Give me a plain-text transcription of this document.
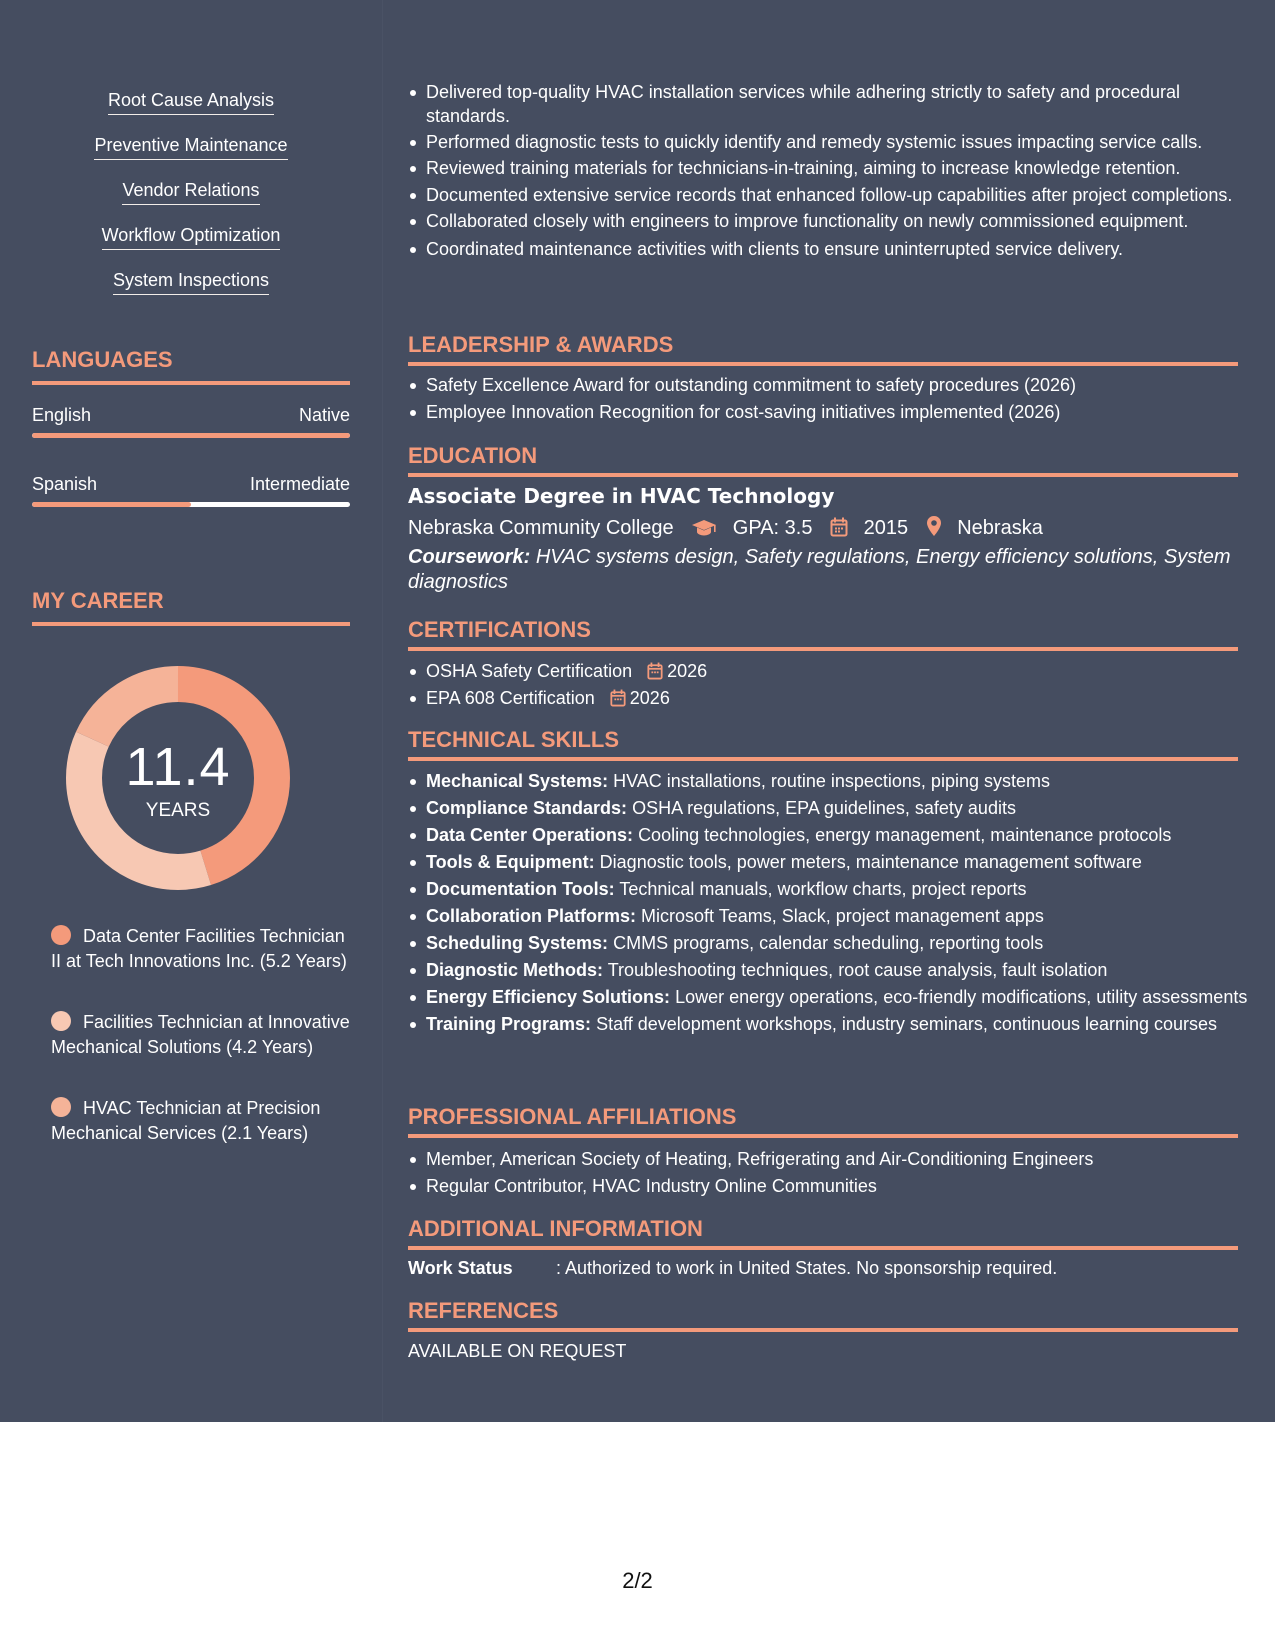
Root Cause Analysis
Preventive Maintenance
Vendor Relations
Workflow Optimization
System Inspections
LANGUAGES
English	Native
Spanish	Intermediate
MY CAREER
11.4
YEARS
Data Center Facilities Technician II at Tech Innovations Inc. (5.2 Years)
Facilities Technician at Innovative Mechanical Solutions (4.2 Years)
HVAC Technician at Precision Mechanical Services (2.1 Years)
Delivered top-quality HVAC installation services while adhering strictly to safety and procedural standards.
Performed diagnostic tests to quickly identify and remedy systemic issues impacting service calls.
Reviewed training materials for technicians-in-training, aiming to increase knowledge retention.
Documented extensive service records that enhanced follow-up capabilities after project completions.
Collaborated closely with engineers to improve functionality on newly commissioned equipment.
Coordinated maintenance activities with clients to ensure uninterrupted service delivery.
LEADERSHIP & AWARDS
Safety Excellence Award for outstanding commitment to safety procedures (2026)
Employee Innovation Recognition for cost-saving initiatives implemented (2026)
EDUCATION
Associate Degree in HVAC Technology
Nebraska Community College	GPA: 3.5	2015 Nebraska
Coursework: HVAC systems design, Safety regulations, Energy efficiency solutions, System diagnostics
CERTIFICATIONS
OSHA Safety Certification 2026
EPA 608 Certification 2026
TECHNICAL SKILLS
Mechanical Systems: HVAC installations, routine inspections, piping systems
Compliance Standards: OSHA regulations, EPA guidelines, safety audits
Data Center Operations: Cooling technologies, energy management, maintenance protocols
Tools & Equipment: Diagnostic tools, power meters, maintenance management software
Documentation Tools: Technical manuals, workflow charts, project reports
Collaboration Platforms: Microsoft Teams, Slack, project management apps
Scheduling Systems: CMMS programs, calendar scheduling, reporting tools
Diagnostic Methods: Troubleshooting techniques, root cause analysis, fault isolation
Energy Efficiency Solutions: Lower energy operations, eco-friendly modifications, utility assessments
Training Programs: Staff development workshops, industry seminars, continuous learning courses
PROFESSIONAL AFFILIATIONS
Member, American Society of Heating, Refrigerating and Air-Conditioning Engineers
Regular Contributor, HVAC Industry Online Communities
ADDITIONAL INFORMATION
Work Status : Authorized to work in United States. No sponsorship required.
REFERENCES
AVAILABLE ON REQUEST
2/2
